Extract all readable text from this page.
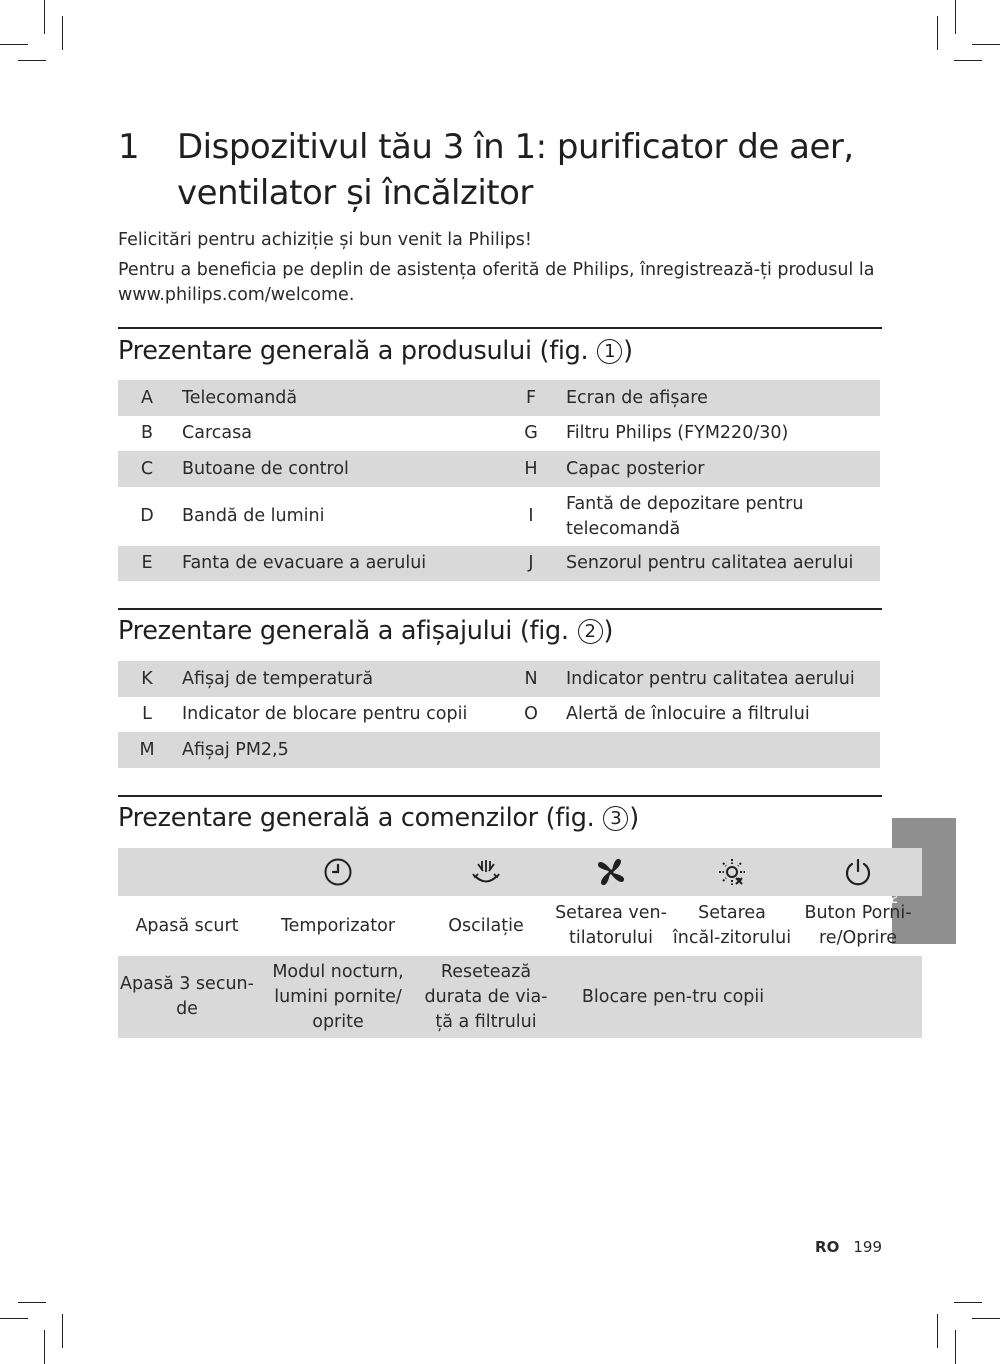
1 Dispozitivul tău 3 în 1: purificator de aer, ventilator și încălzitor
Felicitări pentru achiziție și bun venit la Philips!
Pentru a beneficia pe deplin de asistența oferită de Philips, înregistrează-ți produsul la www.philips.com/welcome.
Prezentare generală a produsului (fig. 1 )
A	Telecomandă	F	Ecran de afișare
B	Carcasa	G	Filtru Philips (FYM220/30)
C	Butoane de control	H	Capac posterior
D	Bandă de lumini	I	Fantă de depozitare pentru telecomandă
E	Fanta de evacuare a aerului	J	Senzorul pentru calitatea aerului
Prezentare generală a afișajului (fig. 2 )
K	Afișaj de temperatură	N	Indicator pentru calitatea aerului
L	Indicator de blocare pentru copii	O	Alertă de înlocuire a filtrului
M	Afișaj PM2,5		
Prezentare generală a comenzilor (fig. 3 )

Apasă scurt	Temporizator	Oscilație	Setarea ven-tilatorului	Setarea încăl-zitorului	Buton Porni-re/Oprire
Apasă 3 secun-de	Modul nocturn, lumini pornite/ oprite	Resetează durata de via-ță a filtrului	Blocare pen-tru copii		
RO 199
